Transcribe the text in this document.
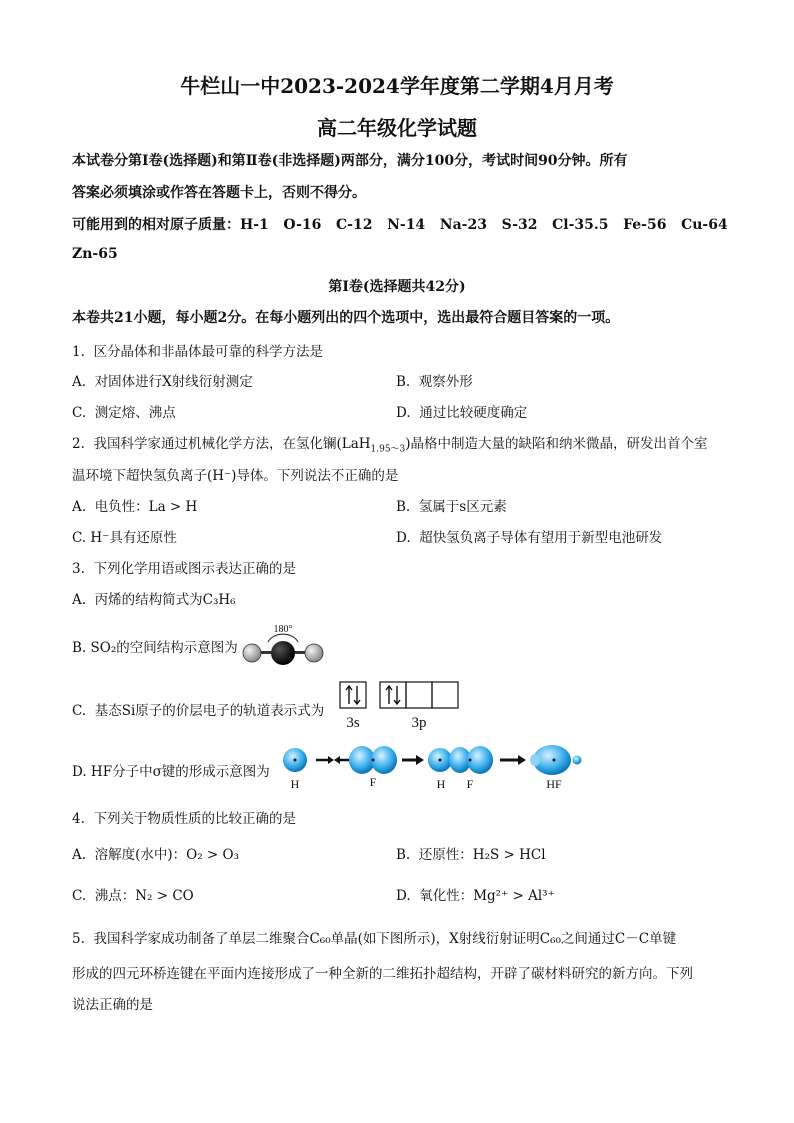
牛栏山一中2023-2024学年度第二学期4月月考
高二年级化学试题
本试卷分第Ⅰ卷(选择题)和第Ⅱ卷(非选择题)两部分，满分100分，考试时间90分钟。所有
答案必须填涂或作答在答题卡上，否则不得分。
可能用到的相对原子质量：H-1   O-16   C-12   N-14   Na-23   S-32   Cl-35.5   Fe-56   Cu-64
Zn-65
第Ⅰ卷(选择题共42分)
本卷共21小题，每小题2分。在每小题列出的四个选项中，选出最符合题目答案的一项。
1.  区分晶体和非晶体最可靠的科学方法是
A.  对固体进行X射线衍射测定	B.  观察外形
C.  测定熔、沸点	D.  通过比较硬度确定
2.  我国科学家通过机械化学方法，在氢化镧(LaH$_{1.95\sim 3}$)晶格中制造大量的缺陷和纳米微晶，研发出首个室
温环境下超快氢负离子(H⁻)导体。下列说法不正确的是
A.  电负性：La > H	B.  氢属于s区元素
C. H⁻具有还原性	D.  超快氢负离子导体有望用于新型电池研发
3.  下列化学用语或图示表达正确的是
A.  丙烯的结构简式为C₃H₆
B. SO₂的空间结构示意图为
180°
C.  基态Si原子的价层电子的轨道表示式为
3s	3p
D. HF分子中σ键的形成示意图为
H	F	H F	HF
4.  下列关于物质性质的比较正确的是
A.  溶解度(水中)：O₂ > O₃	B.  还原性：H₂S > HCl
C.  沸点：N₂ > CO	D.  氧化性：Mg²⁺ > Al³⁺
5.  我国科学家成功制备了单层二维聚合C₆₀单晶(如下图所示)，X射线衍射证明C₆₀之间通过C－C单键
形成的四元环桥连键在平面内连接形成了一种全新的二维拓扑超结构，开辟了碳材料研究的新方向。下列
说法正确的是
